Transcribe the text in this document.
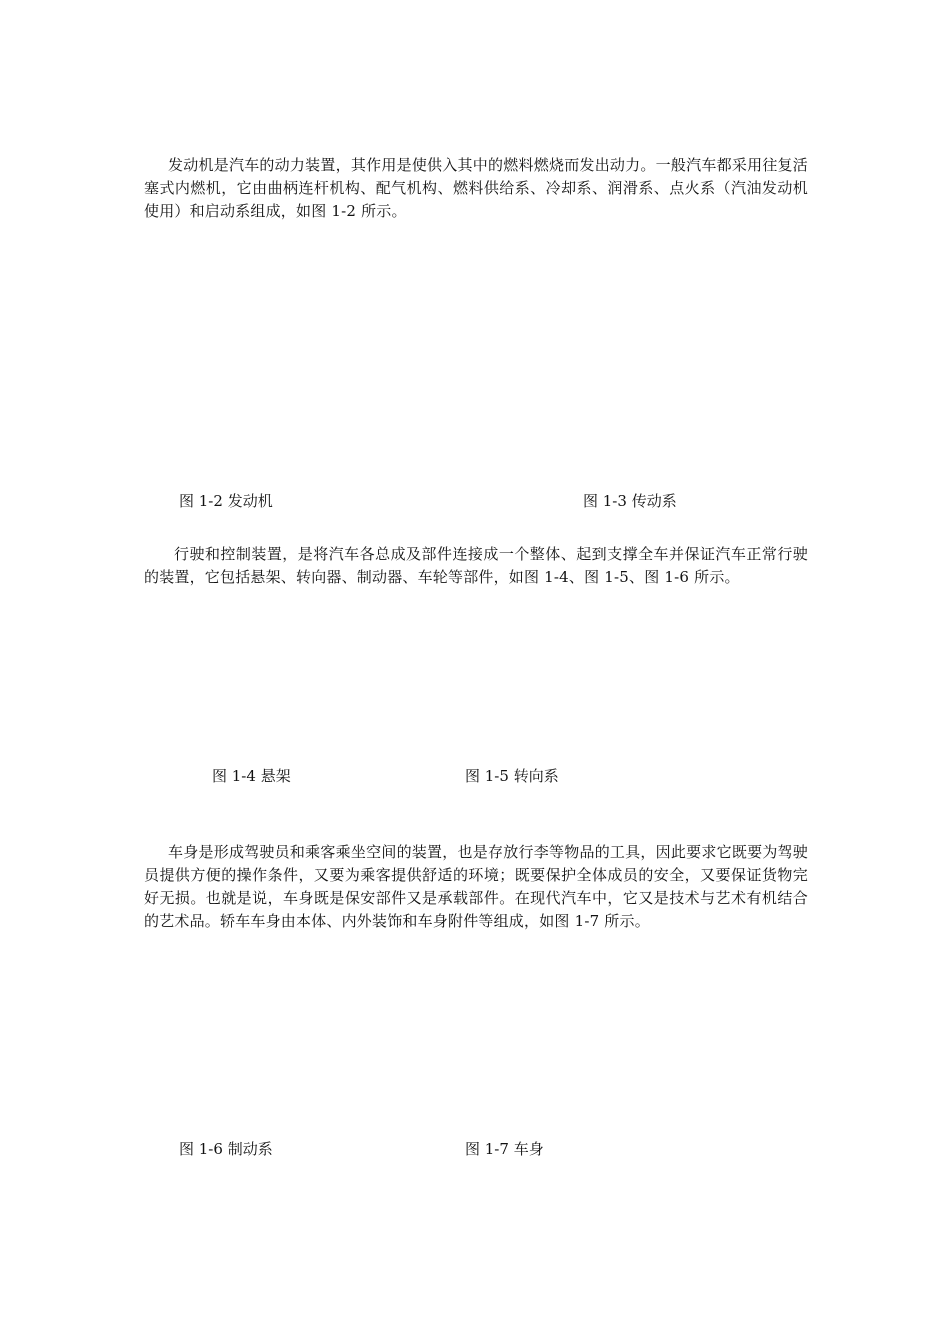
发动机是汽车的动力装置，其作用是使供入其中的燃料燃烧而发出动力。一般汽车都采用往复活塞式内燃机，它由曲柄连杆机构、配气机构、燃料供给系、冷却系、润滑系、点火系（汽油发动机使用）和启动系组成，如图 1-2 所示。

图 1-2 发动机	图 1-3 传动系

行驶和控制装置，是将汽车各总成及部件连接成一个整体、起到支撑全车并保证汽车正常行驶的装置，它包括悬架、转向器、制动器、车轮等部件，如图 1-4、图 1-5、图 1-6 所示。

图 1-4 悬架	图 1-5 转向系

车身是形成驾驶员和乘客乘坐空间的装置，也是存放行李等物品的工具，因此要求它既要为驾驶员提供方便的操作条件，又要为乘客提供舒适的环境；既要保护全体成员的安全，又要保证货物完好无损。也就是说，车身既是保安部件又是承载部件。在现代汽车中，它又是技术与艺术有机结合的艺术品。轿车车身由本体、内外装饰和车身附件等组成，如图 1-7 所示。

图 1-6 制动系	图 1-7 车身
